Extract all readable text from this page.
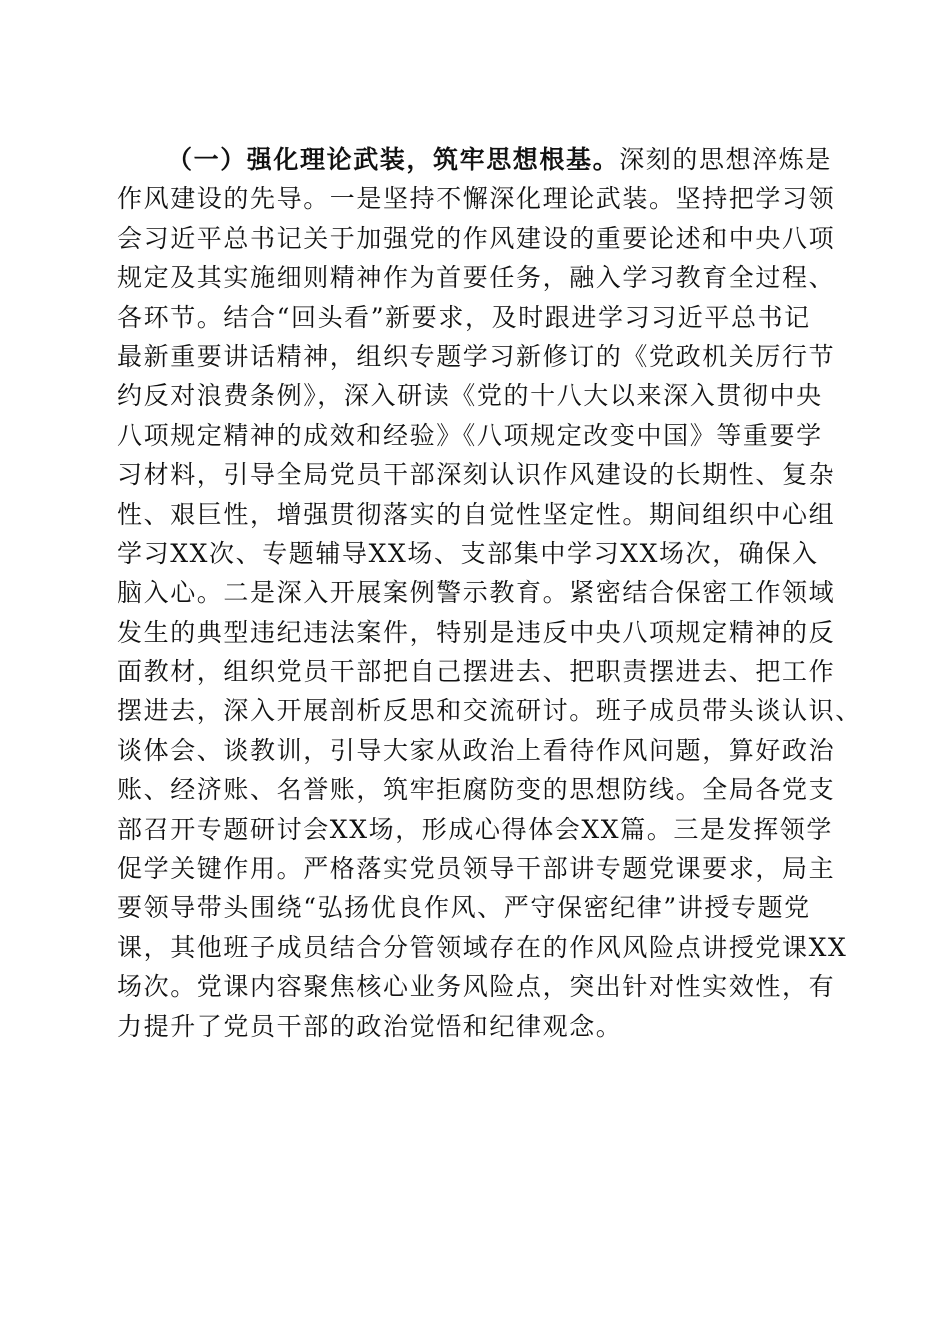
（一）强化理论武装，筑牢思想根基。深刻的思想淬炼是
作风建设的先导。一是坚持不懈深化理论武装。坚持把学习领
会习近平总书记关于加强党的作风建设的重要论述和中央八项
规定及其实施细则精神作为首要任务，融入学习教育全过程、
各环节。结合“回头看”新要求，及时跟进学习习近平总书记
最新重要讲话精神，组织专题学习新修订的《党政机关厉行节
约反对浪费条例》，深入研读《党的十八大以来深入贯彻中央
八项规定精神的成效和经验》《八项规定改变中国》等重要学
习材料，引导全局党员干部深刻认识作风建设的长期性、复杂
性、艰巨性，增强贯彻落实的自觉性坚定性。期间组织中心组
学习XX次、专题辅导XX场、支部集中学习XX场次，确保入
脑入心。二是深入开展案例警示教育。紧密结合保密工作领域
发生的典型违纪违法案件，特别是违反中央八项规定精神的反
面教材，组织党员干部把自己摆进去、把职责摆进去、把工作
摆进去，深入开展剖析反思和交流研讨。班子成员带头谈认识、
谈体会、谈教训，引导大家从政治上看待作风问题，算好政治
账、经济账、名誉账，筑牢拒腐防变的思想防线。全局各党支
部召开专题研讨会XX场，形成心得体会XX篇。三是发挥领学
促学关键作用。严格落实党员领导干部讲专题党课要求，局主
要领导带头围绕“弘扬优良作风、严守保密纪律”讲授专题党
课，其他班子成员结合分管领域存在的作风风险点讲授党课XX
场次。党课内容聚焦核心业务风险点，突出针对性实效性，有
力提升了党员干部的政治觉悟和纪律观念。
